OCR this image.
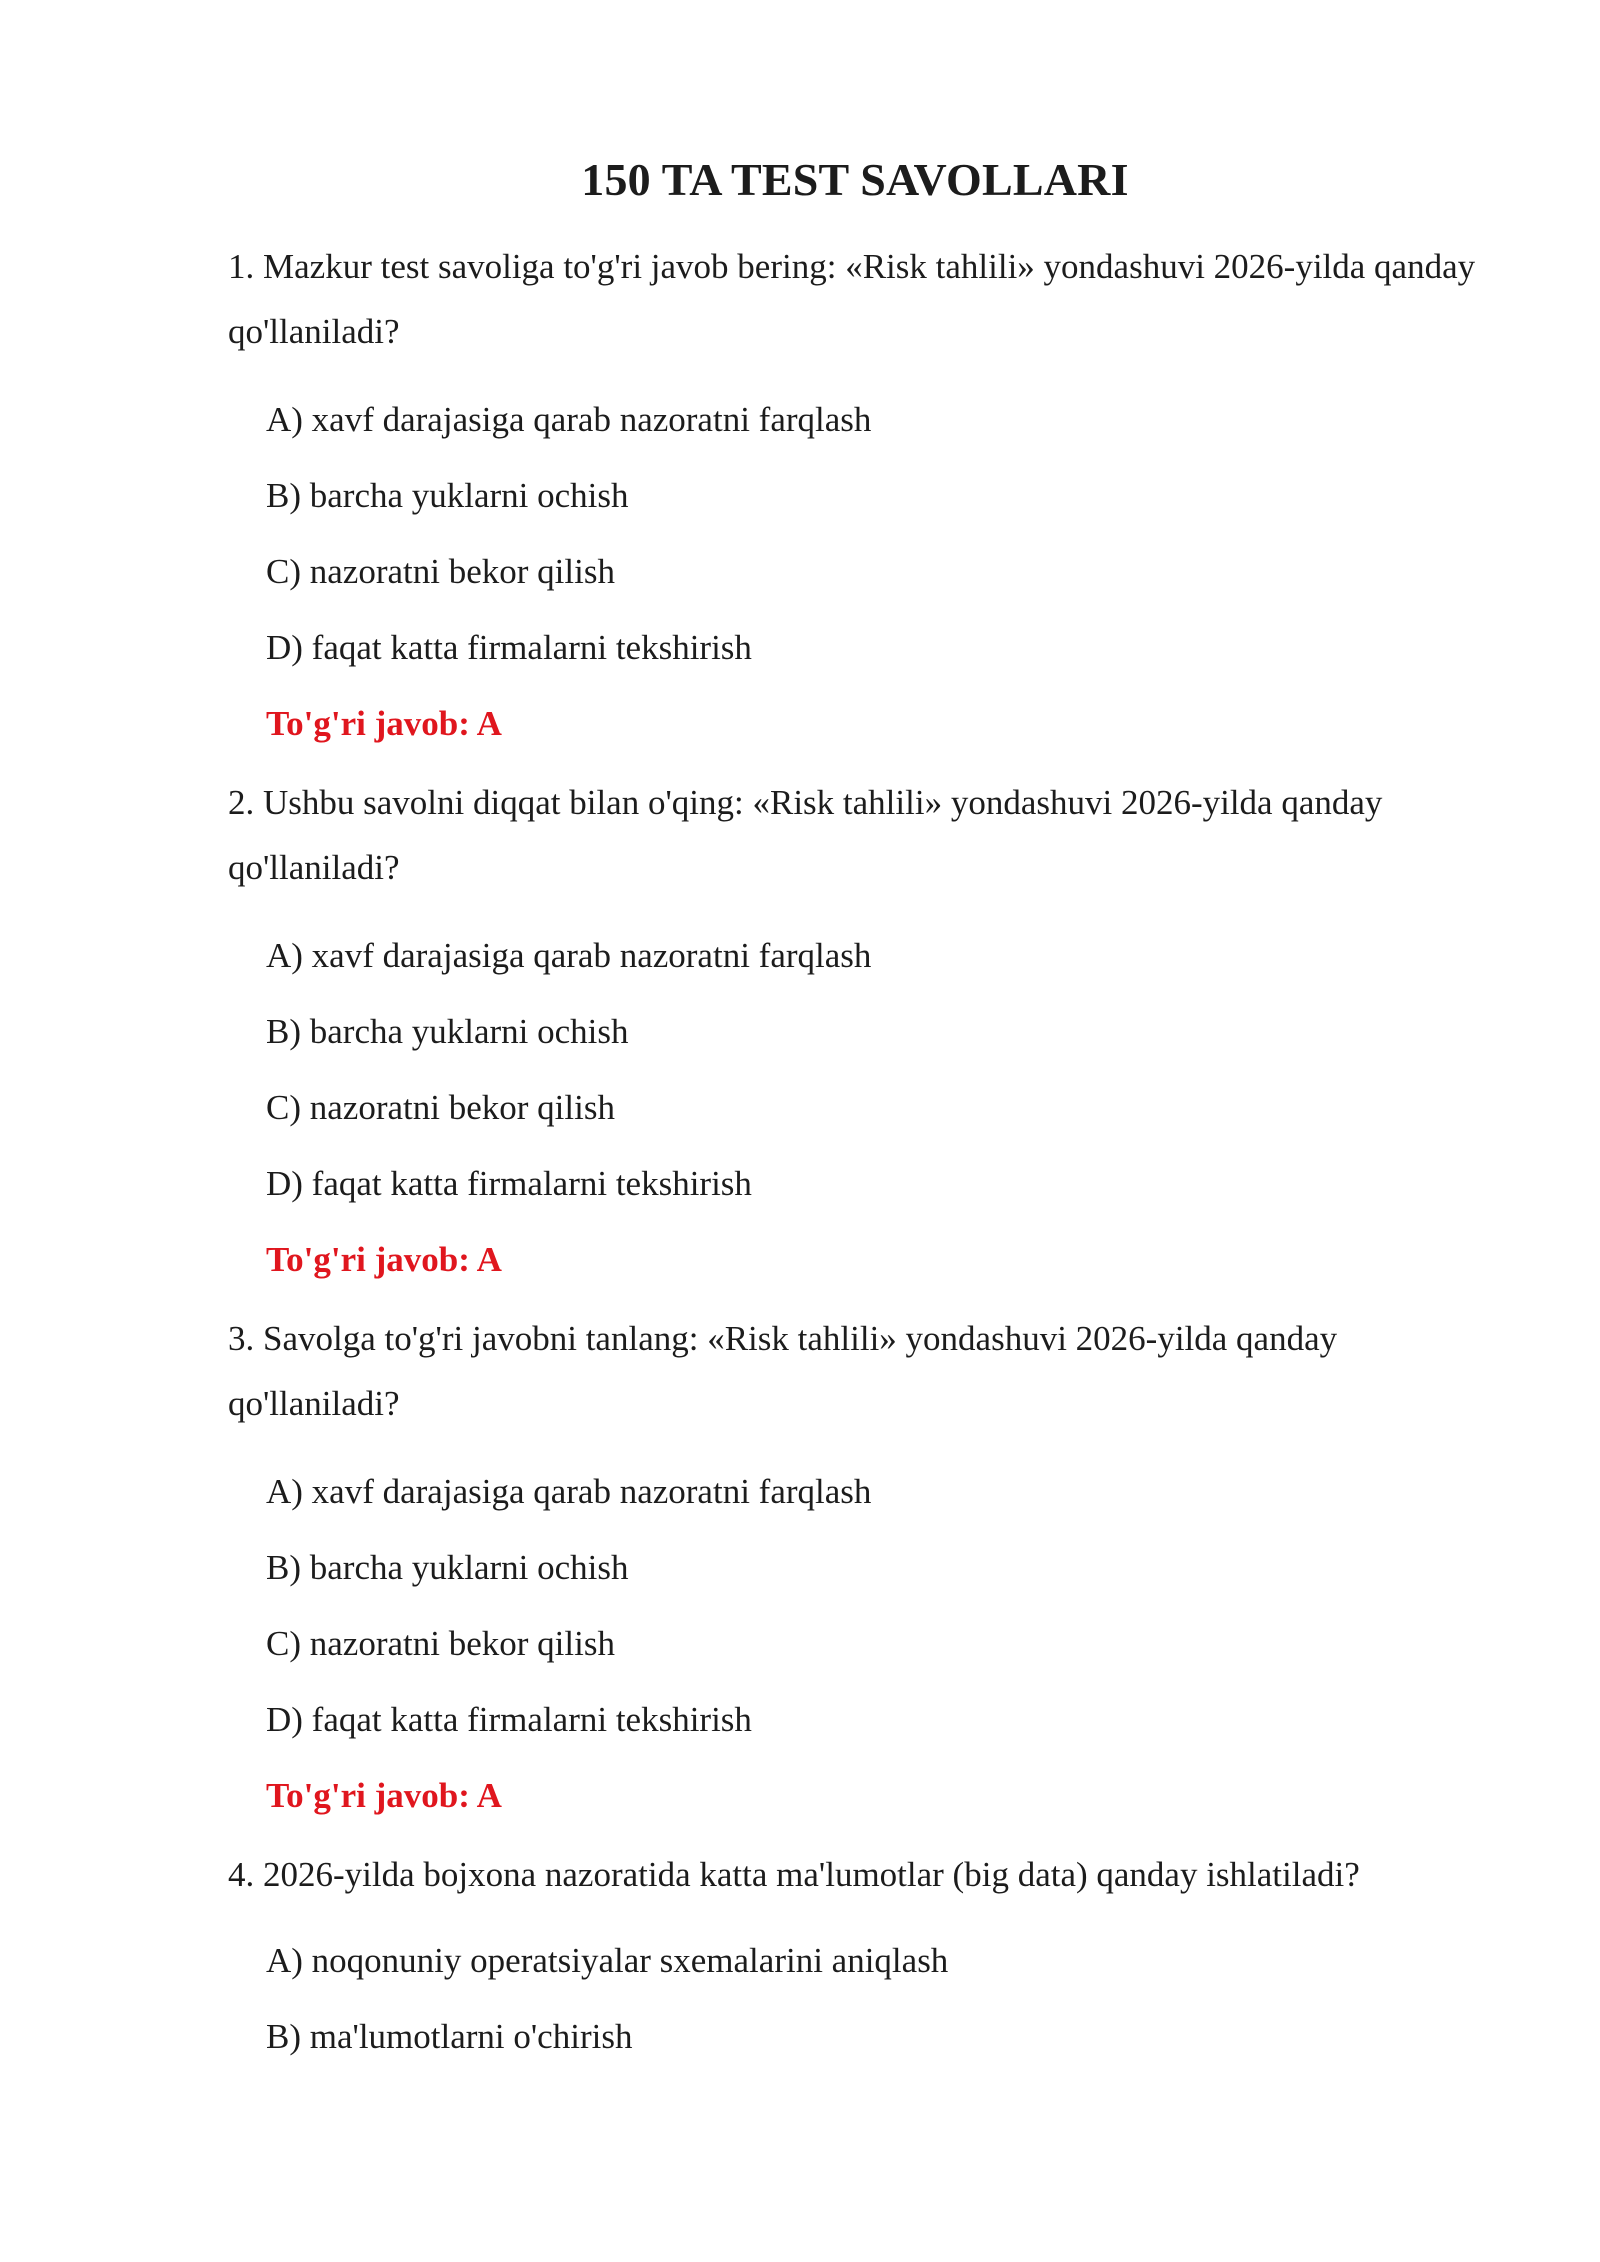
150 TA TEST SAVOLLARI

1. Mazkur test savoliga to'g'ri javob bering: «Risk tahlili» yondashuvi 2026-yilda qanday qo'llaniladi?

A) xavf darajasiga qarab nazoratni farqlash

B) barcha yuklarni ochish

C) nazoratni bekor qilish

D) faqat katta firmalarni tekshirish

To'g'ri javob: A

2. Ushbu savolni diqqat bilan o'qing: «Risk tahlili» yondashuvi 2026-yilda qanday qo'llaniladi?

A) xavf darajasiga qarab nazoratni farqlash

B) barcha yuklarni ochish

C) nazoratni bekor qilish

D) faqat katta firmalarni tekshirish

To'g'ri javob: A

3. Savolga to'g'ri javobni tanlang: «Risk tahlili» yondashuvi 2026-yilda qanday qo'llaniladi?

A) xavf darajasiga qarab nazoratni farqlash

B) barcha yuklarni ochish

C) nazoratni bekor qilish

D) faqat katta firmalarni tekshirish

To'g'ri javob: A

4. 2026-yilda bojxona nazoratida katta ma'lumotlar (big data) qanday ishlatiladi?

A) noqonuniy operatsiyalar sxemalarini aniqlash

B) ma'lumotlarni o'chirish
